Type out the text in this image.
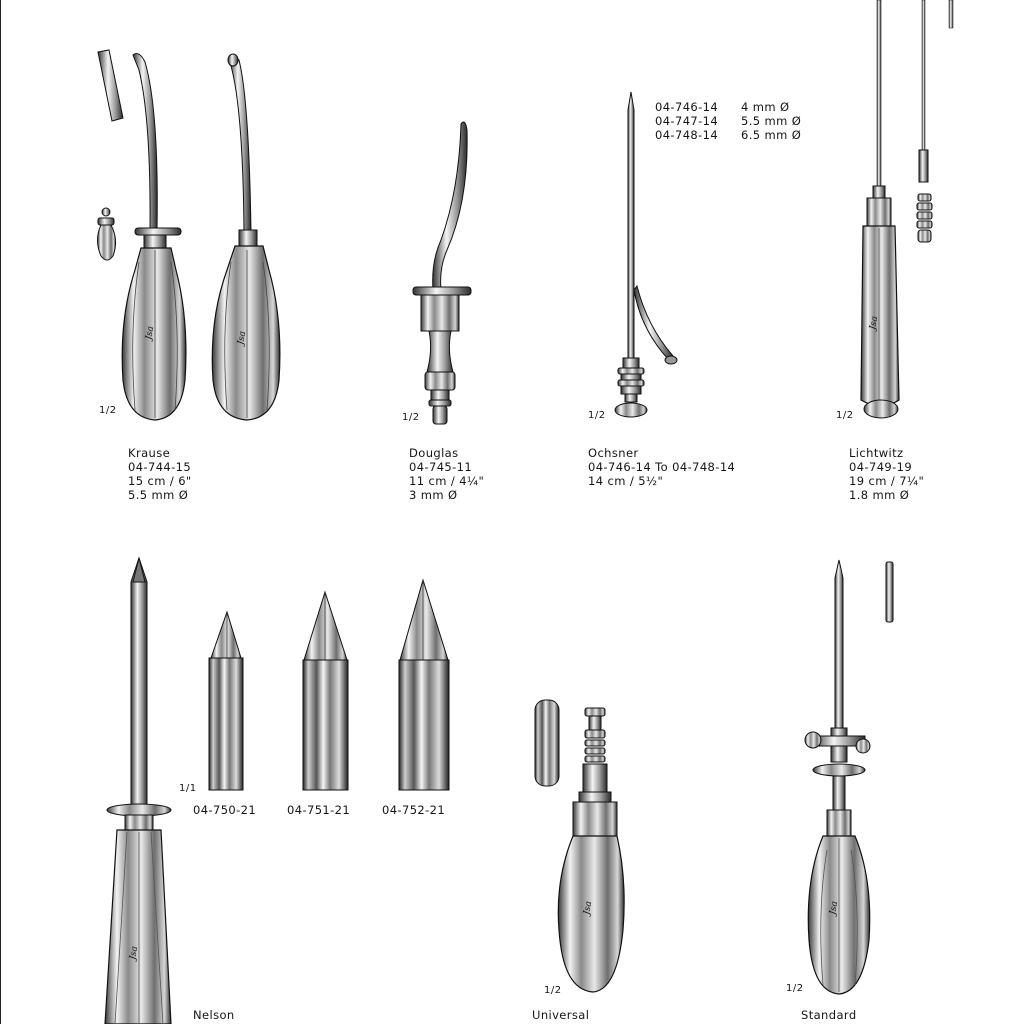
Jsa	Jsa
Jsa
Jsa
Jsa	Jsa
1/2
1/2	1/2	1/2
1/1
1/2	1/2
04-746-14 4 mm Ø
04-747-14 5.5 mm Ø
04-748-14 6.5 mm Ø
Krause
04-744-15
15 cm / 6"
5.5 mm Ø
Douglas
04-745-11
11 cm / 4¼"
3 mm Ø
Ochsner
04-746-14 To 04-748-14
14 cm / 5½"
Lichtwitz
04-749-19
19 cm / 7¼"
1.8 mm Ø
04-750-21	04-751-21	04-752-21
Nelson	Universal	Standard
